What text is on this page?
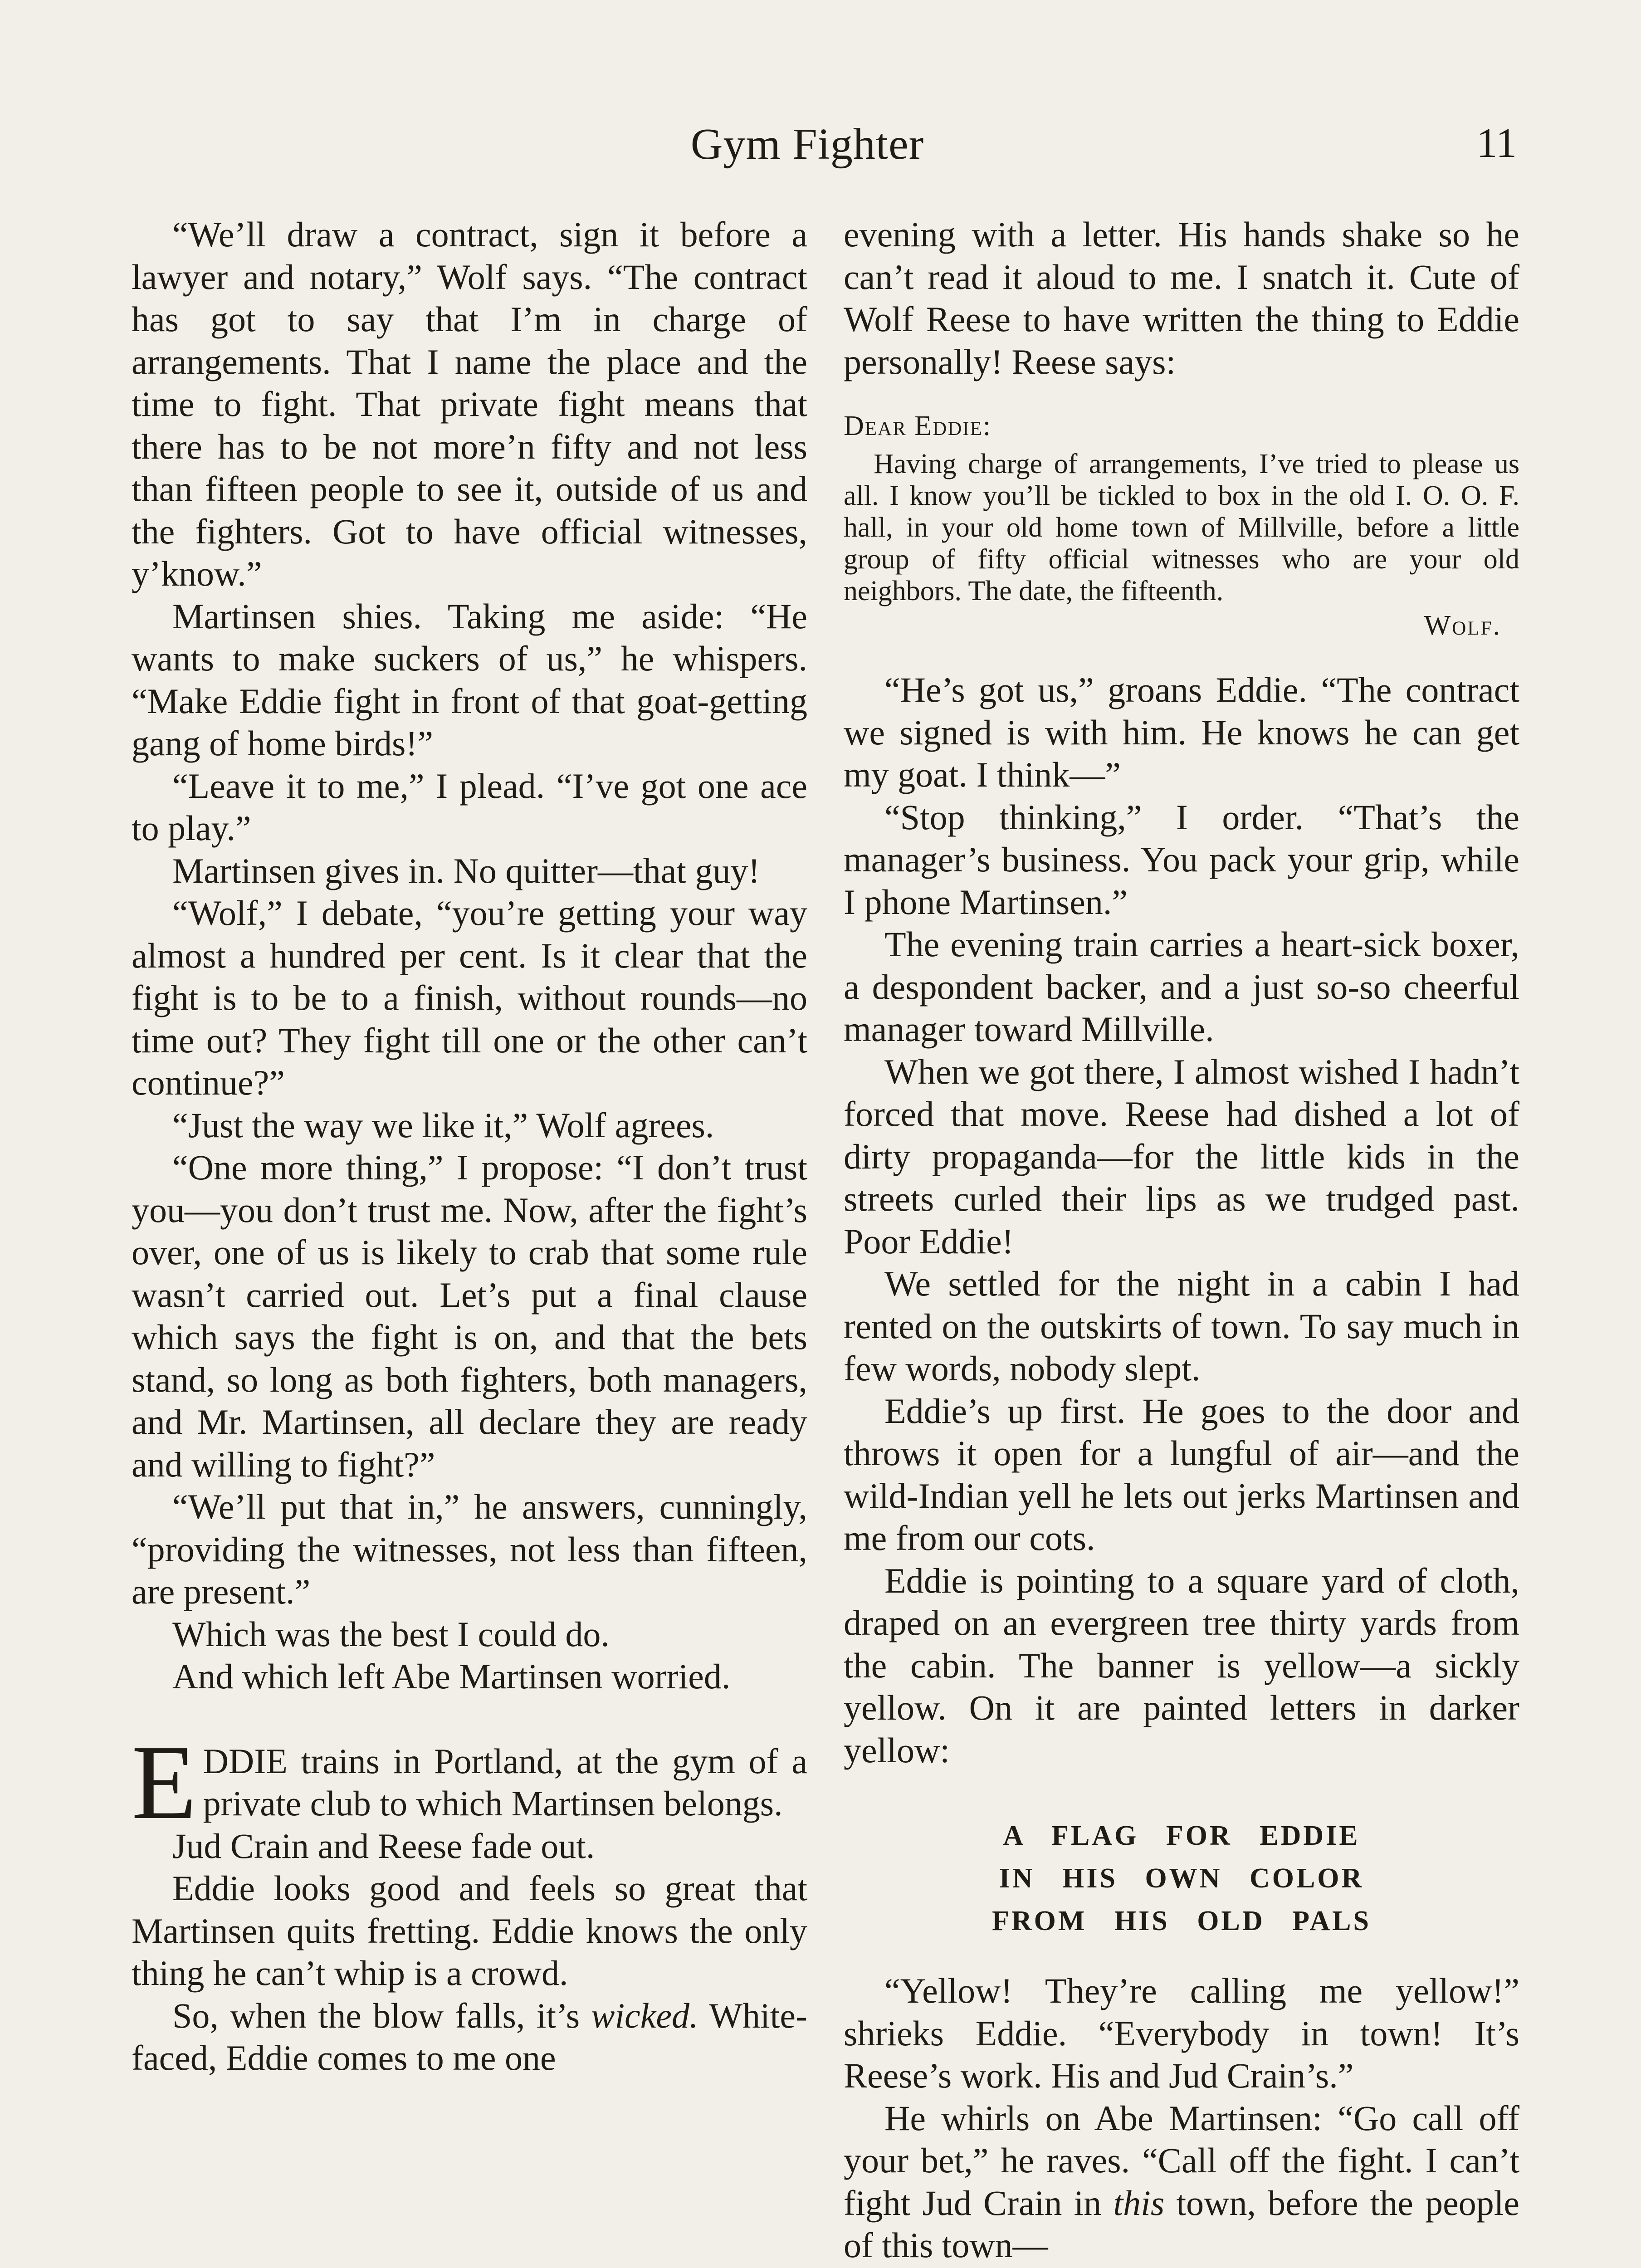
Gym Fighter	11

“We’ll draw a contract, sign it before a lawyer and notary,” Wolf says. “The contract has got to say that I’m in charge of arrangements. That I name the place and the time to fight. That private fight means that there has to be not more’n fifty and not less than fifteen people to see it, outside of us and the fighters. Got to have official witnesses, y’know.”

Martinsen shies. Taking me aside: “He wants to make suckers of us,” he whispers. “Make Eddie fight in front of that goat-getting gang of home birds!”

“Leave it to me,” I plead. “I’ve got one ace to play.”

Martinsen gives in. No quitter—that guy!

“Wolf,” I debate, “you’re getting your way almost a hundred per cent. Is it clear that the fight is to be to a finish, without rounds—no time out? They fight till one or the other can’t continue?”

“Just the way we like it,” Wolf agrees.

“One more thing,” I propose: “I don’t trust you—you don’t trust me. Now, after the fight’s over, one of us is likely to crab that some rule wasn’t carried out. Let’s put a final clause which says the fight is on, and that the bets stand, so long as both fighters, both managers, and Mr. Martinsen, all declare they are ready and willing to fight?”

“We’ll put that in,” he answers, cunningly, “providing the witnesses, not less than fifteen, are present.”

Which was the best I could do.

And which left Abe Martinsen worried.

EDDIE trains in Portland, at the gym of a private club to which Martinsen belongs.

Jud Crain and Reese fade out.

Eddie looks good and feels so great that Martinsen quits fretting. Eddie knows the only thing he can’t whip is a crowd.

So, when the blow falls, it’s wicked. White-faced, Eddie comes to me one

evening with a letter. His hands shake so he can’t read it aloud to me. I snatch it. Cute of Wolf Reese to have written the thing to Eddie personally! Reese says:

Dear Eddie:

Having charge of arrangements, I’ve tried to please us all. I know you’ll be tickled to box in the old I. O. O. F. hall, in your old home town of Millville, before a little group of fifty official witnesses who are your old neighbors. The date, the fifteenth.

Wolf.

“He’s got us,” groans Eddie. “The contract we signed is with him. He knows he can get my goat. I think—”

“Stop thinking,” I order. “That’s the manager’s business. You pack your grip, while I phone Martinsen.”

The evening train carries a heart-sick boxer, a despondent backer, and a just so-so cheerful manager toward Millville.

When we got there, I almost wished I hadn’t forced that move. Reese had dished a lot of dirty propaganda—for the little kids in the streets curled their lips as we trudged past. Poor Eddie!

We settled for the night in a cabin I had rented on the outskirts of town. To say much in few words, nobody slept.

Eddie’s up first. He goes to the door and throws it open for a lungful of air—and the wild-Indian yell he lets out jerks Martinsen and me from our cots.

Eddie is pointing to a square yard of cloth, draped on an evergreen tree thirty yards from the cabin. The banner is yellow—a sickly yellow. On it are painted letters in darker yellow:

A FLAG FOR EDDIE
IN HIS OWN COLOR
FROM HIS OLD PALS

“Yellow! They’re calling me yellow!” shrieks Eddie. “Everybody in town! It’s Reese’s work. His and Jud Crain’s.”

He whirls on Abe Martinsen: “Go call off your bet,” he raves. “Call off the fight. I can’t fight Jud Crain in this town, before the people of this town—
